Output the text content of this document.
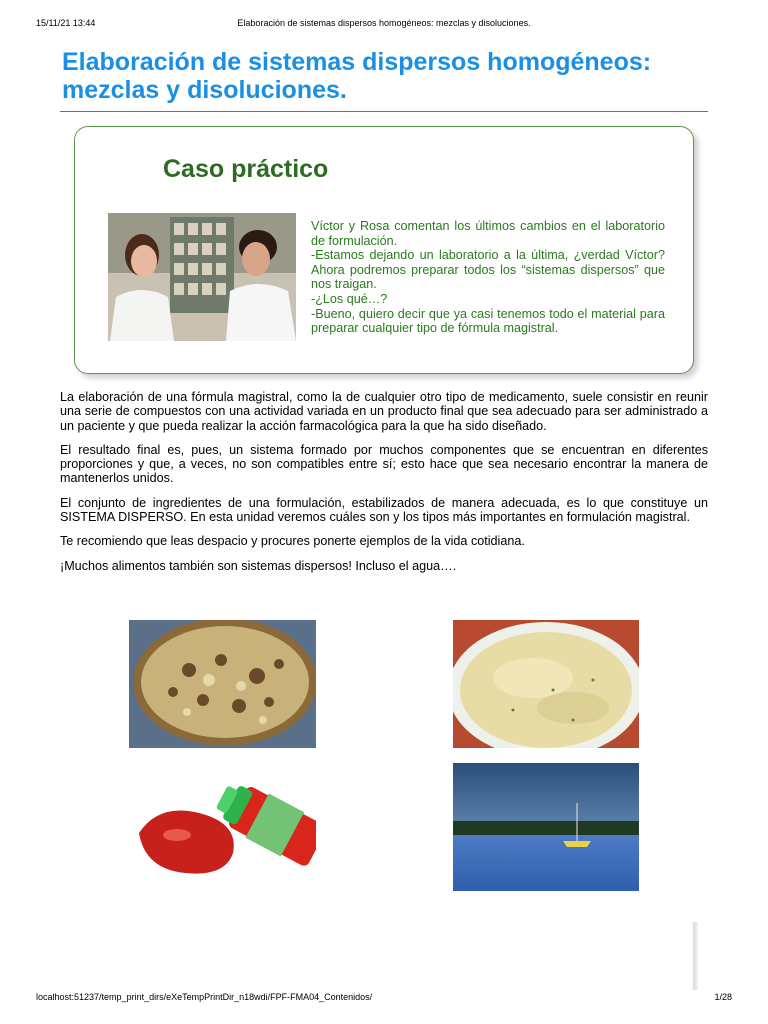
15/11/21 13:44	Elaboración de sistemas dispersos homogéneos: mezclas y disoluciones.
Elaboración de sistemas dispersos homogéneos:
mezclas y disoluciones.
Caso práctico

Víctor y Rosa comentan los últimos cambios en el laboratorio de formulación.

-Estamos dejando un laboratorio a la última, ¿verdad Víctor? Ahora podremos preparar todos los “sistemas dispersos” que nos traigan.

-¿Los qué…?

-Bueno, quiero decir que ya casi tenemos todo el material para preparar cualquier tipo de fórmula magistral.

La elaboración de una fórmula magistral, como la de cualquier otro tipo de medicamento, suele consistir en reunir una serie de compuestos con una actividad variada en un producto final que sea adecuado para ser administrado a un paciente y que pueda realizar la acción farmacológica para la que ha sido diseñado.

El resultado final es, pues, un sistema formado por muchos componentes que se encuentran en diferentes proporciones y que, a veces, no son compatibles entre sí; esto hace que sea necesario encontrar la manera de mantenerlos unidos.

El conjunto de ingredientes de una formulación, estabilizados de manera adecuada, es lo que constituye un SISTEMA DISPERSO. En esta unidad veremos cuáles son y los tipos más importantes en formulación magistral.

Te recomiendo que leas despacio y procures ponerte ejemplos de la vida cotidiana.

¡Muchos alimentos también son sistemas dispersos! Incluso el agua….

localhost:51237/temp_print_dirs/eXeTempPrintDir_n18wdi/FPF-FMA04_Contenidos/	1/28
